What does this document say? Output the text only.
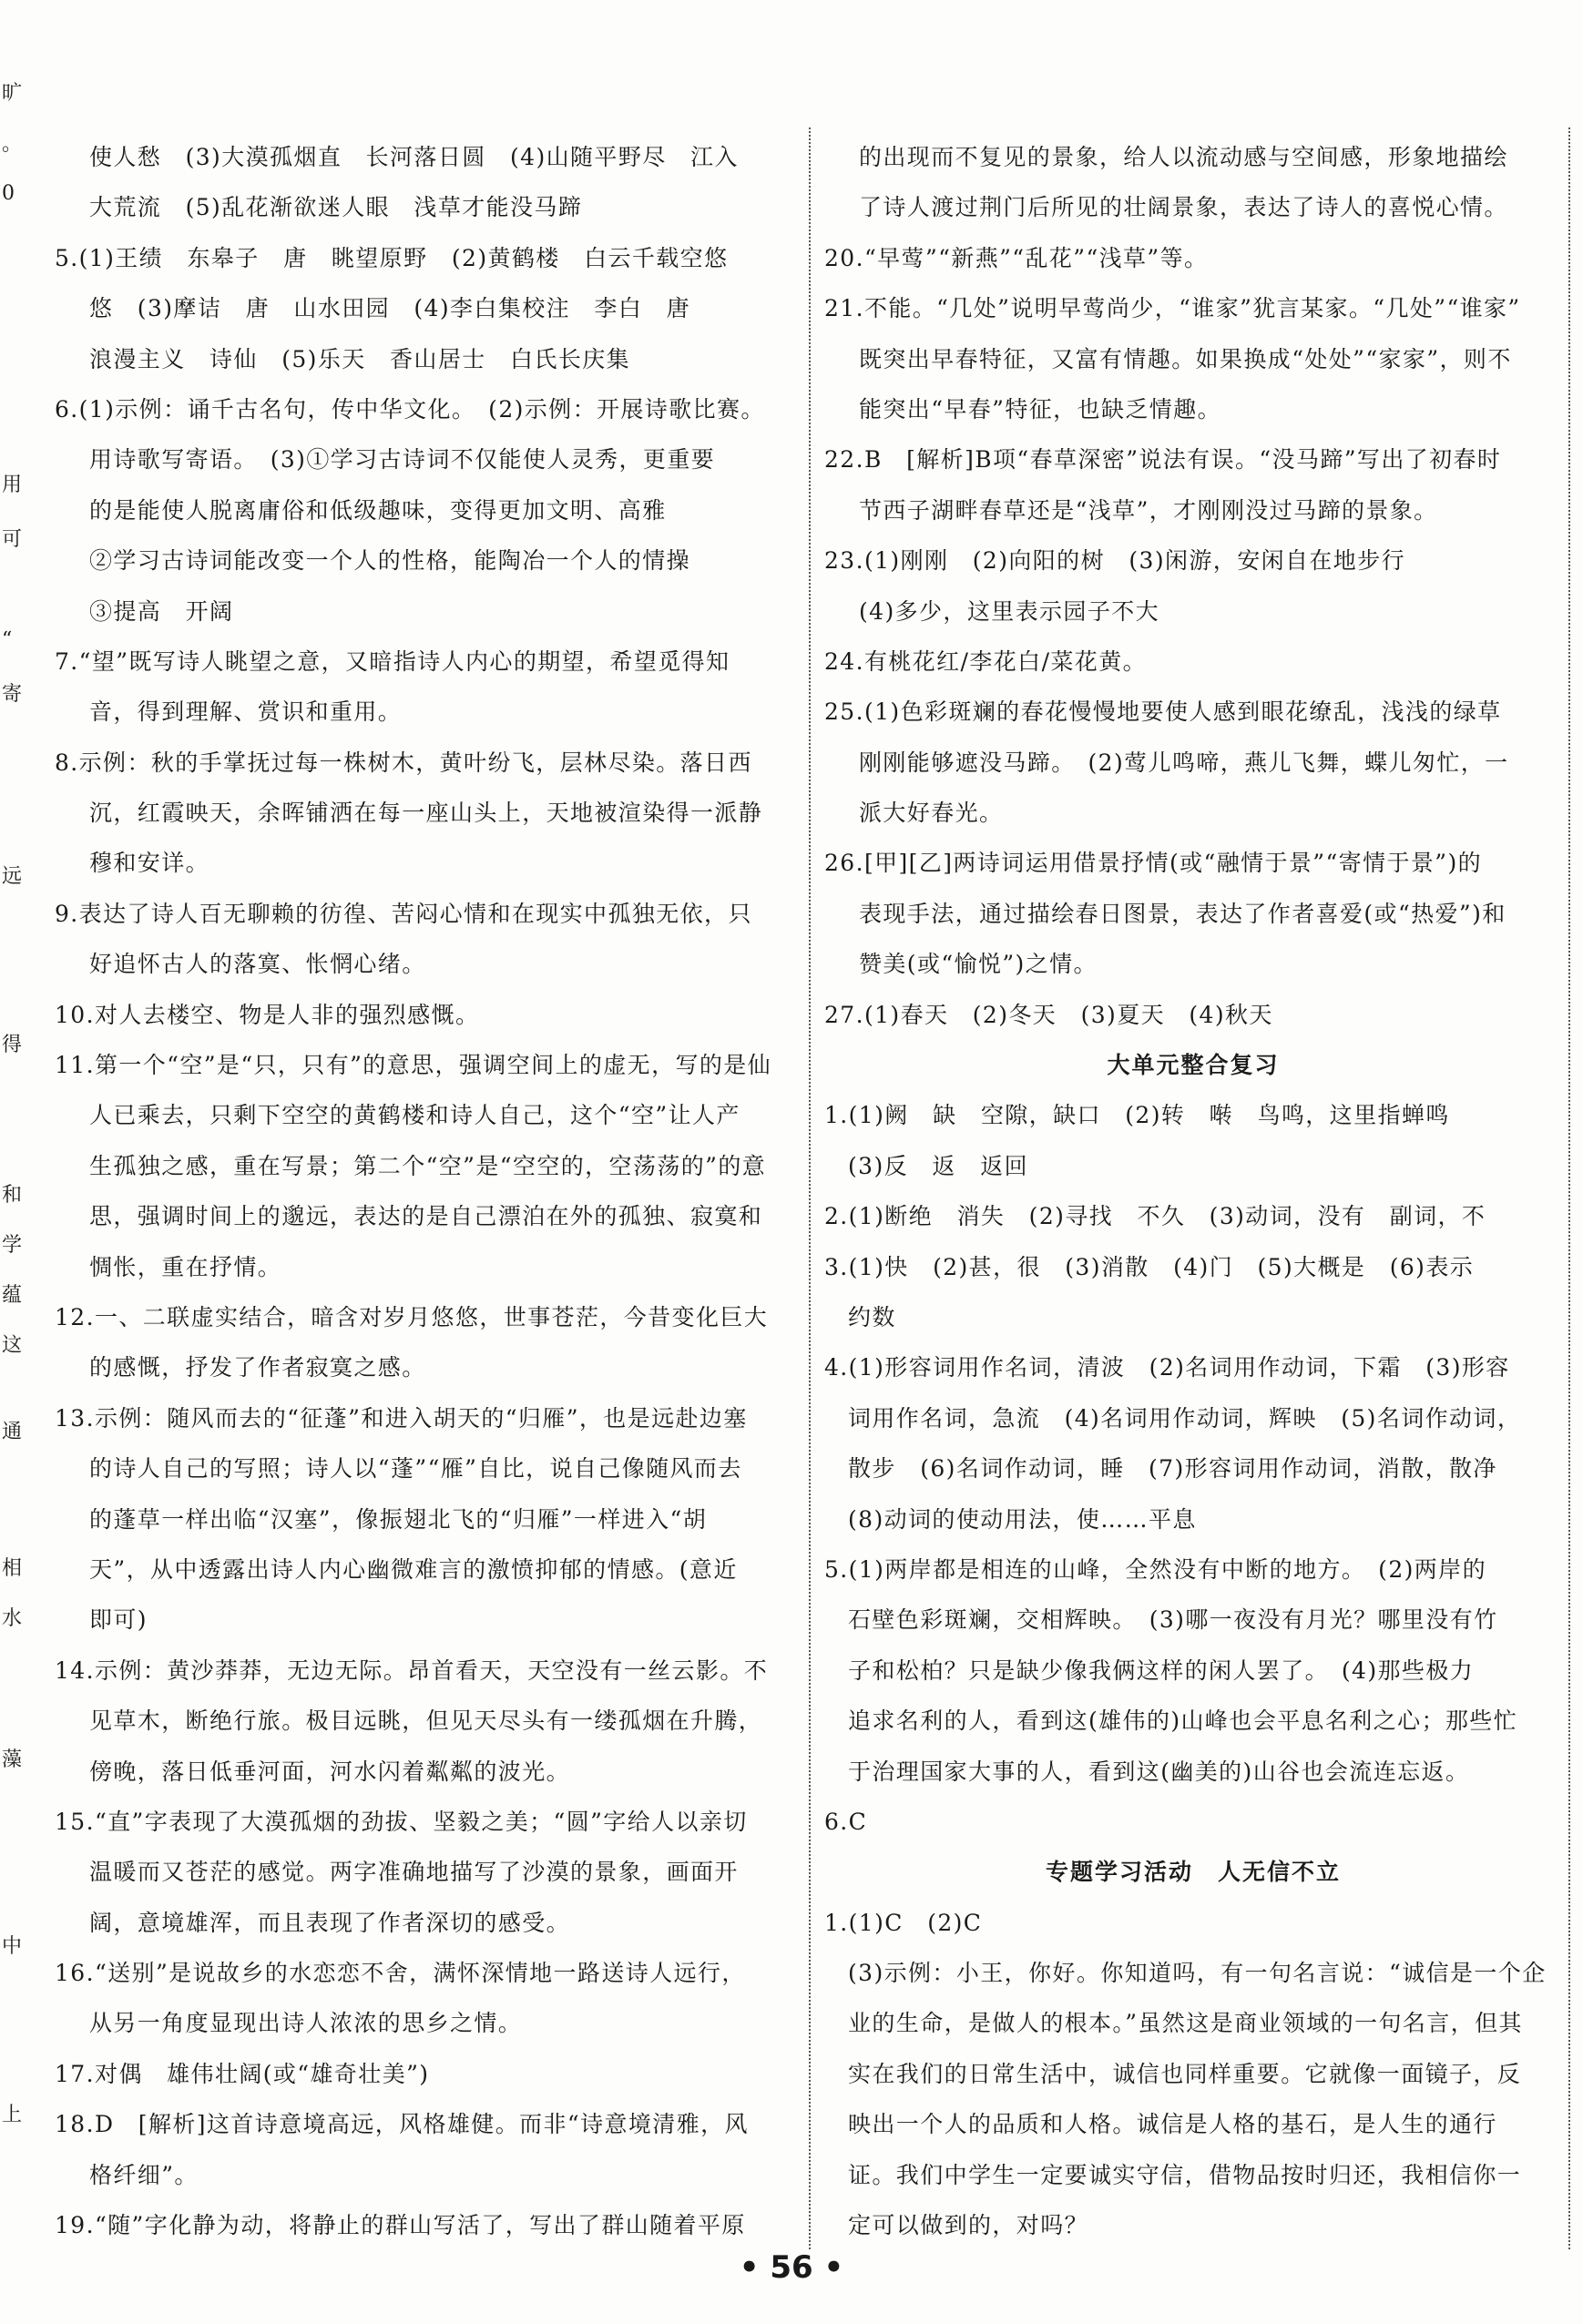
旷
。
0
用
可
“
寄
远
得
和
学
蕴
这
通
相
水
藻
中
上
使人愁　(3)大漠孤烟直　长河落日圆　(4)山随平野尽　江入
大荒流　(5)乱花渐欲迷人眼　浅草才能没马蹄
5.(1)王绩　东皋子　唐　眺望原野　(2)黄鹤楼　白云千载空悠
悠　(3)摩诘　唐　山水田园　(4)李白集校注　李白　唐
浪漫主义　诗仙　(5)乐天　香山居士　白氏长庆集
6.(1)示例：诵千古名句，传中华文化。　(2)示例：开展诗歌比赛。
用诗歌写寄语。　(3)①学习古诗词不仅能使人灵秀，更重要
的是能使人脱离庸俗和低级趣味，变得更加文明、高雅
②学习古诗词能改变一个人的性格，能陶冶一个人的情操
③提高　开阔
7.“望”既写诗人眺望之意，又暗指诗人内心的期望，希望觅得知
音，得到理解、赏识和重用。
8.示例：秋的手掌抚过每一株树木，黄叶纷飞，层林尽染。落日西
沉，红霞映天，余晖铺洒在每一座山头上，天地被渲染得一派静
穆和安详。
9.表达了诗人百无聊赖的彷徨、苦闷心情和在现实中孤独无依，只
好追怀古人的落寞、怅惘心绪。
10.对人去楼空、物是人非的强烈感慨。
11.第一个“空”是“只，只有”的意思，强调空间上的虚无，写的是仙
人已乘去，只剩下空空的黄鹤楼和诗人自己，这个“空”让人产
生孤独之感，重在写景；第二个“空”是“空空的，空荡荡的”的意
思，强调时间上的邈远，表达的是自己漂泊在外的孤独、寂寞和
惆怅，重在抒情。
12.一、二联虚实结合，暗含对岁月悠悠，世事苍茫，今昔变化巨大
的感慨，抒发了作者寂寞之感。
13.示例：随风而去的“征蓬”和进入胡天的“归雁”，也是远赴边塞
的诗人自己的写照；诗人以“蓬”“雁”自比，说自己像随风而去
的蓬草一样出临“汉塞”，像振翅北飞的“归雁”一样进入“胡
天”，从中透露出诗人内心幽微难言的激愤抑郁的情感。(意近
即可)
14.示例：黄沙莽莽，无边无际。昂首看天，天空没有一丝云影。不
见草木，断绝行旅。极目远眺，但见天尽头有一缕孤烟在升腾，
傍晚，落日低垂河面，河水闪着粼粼的波光。
15.“直”字表现了大漠孤烟的劲拔、坚毅之美；“圆”字给人以亲切
温暖而又苍茫的感觉。两字准确地描写了沙漠的景象，画面开
阔，意境雄浑，而且表现了作者深切的感受。
16.“送别”是说故乡的水恋恋不舍，满怀深情地一路送诗人远行，
从另一角度显现出诗人浓浓的思乡之情。
17.对偶　雄伟壮阔(或“雄奇壮美”)
18.D　[解析]这首诗意境高远，风格雄健。而非“诗意境清雅，风
格纤细”。
19.“随”字化静为动，将静止的群山写活了，写出了群山随着平原
的出现而不复见的景象，给人以流动感与空间感，形象地描绘
了诗人渡过荆门后所见的壮阔景象，表达了诗人的喜悦心情。
20.“早莺”“新燕”“乱花”“浅草”等。
21.不能。“几处”说明早莺尚少，“谁家”犹言某家。“几处”“谁家”
既突出早春特征，又富有情趣。如果换成“处处”“家家”，则不
能突出“早春”特征，也缺乏情趣。
22.B　[解析]B项“春草深密”说法有误。“没马蹄”写出了初春时
节西子湖畔春草还是“浅草”，才刚刚没过马蹄的景象。
23.(1)刚刚　(2)向阳的树　(3)闲游，安闲自在地步行
(4)多少，这里表示园子不大
24.有桃花红/李花白/菜花黄。
25.(1)色彩斑斓的春花慢慢地要使人感到眼花缭乱，浅浅的绿草
刚刚能够遮没马蹄。　(2)莺儿鸣啼，燕儿飞舞，蝶儿匆忙，一
派大好春光。
26.[甲][乙]两诗词运用借景抒情(或“融情于景”“寄情于景”)的
表现手法，通过描绘春日图景，表达了作者喜爱(或“热爱”)和
赞美(或“愉悦”)之情。
27.(1)春天　(2)冬天　(3)夏天　(4)秋天
大单元整合复习
1.(1)阙　缺　空隙，缺口　(2)转　啭　鸟鸣，这里指蝉鸣
(3)反　返　返回
2.(1)断绝　消失　(2)寻找　不久　(3)动词，没有　副词，不
3.(1)快　(2)甚，很　(3)消散　(4)门　(5)大概是　(6)表示
约数
4.(1)形容词用作名词，清波　(2)名词用作动词，下霜　(3)形容
词用作名词，急流　(4)名词用作动词，辉映　(5)名词作动词，
散步　(6)名词作动词，睡　(7)形容词用作动词，消散，散净
(8)动词的使动用法，使……平息
5.(1)两岸都是相连的山峰，全然没有中断的地方。　(2)两岸的
石壁色彩斑斓，交相辉映。　(3)哪一夜没有月光？哪里没有竹
子和松柏？只是缺少像我俩这样的闲人罢了。　(4)那些极力
追求名利的人，看到这(雄伟的)山峰也会平息名利之心；那些忙
于治理国家大事的人，看到这(幽美的)山谷也会流连忘返。
6.C
专题学习活动　人无信不立
1.(1)C　(2)C
(3)示例：小王，你好。你知道吗，有一句名言说：“诚信是一个企
业的生命，是做人的根本。”虽然这是商业领域的一句名言，但其
实在我们的日常生活中，诚信也同样重要。它就像一面镜子，反
映出一个人的品质和人格。诚信是人格的基石，是人生的通行
证。我们中学生一定要诚实守信，借物品按时归还，我相信你一
定可以做到的，对吗？
• 56 •
